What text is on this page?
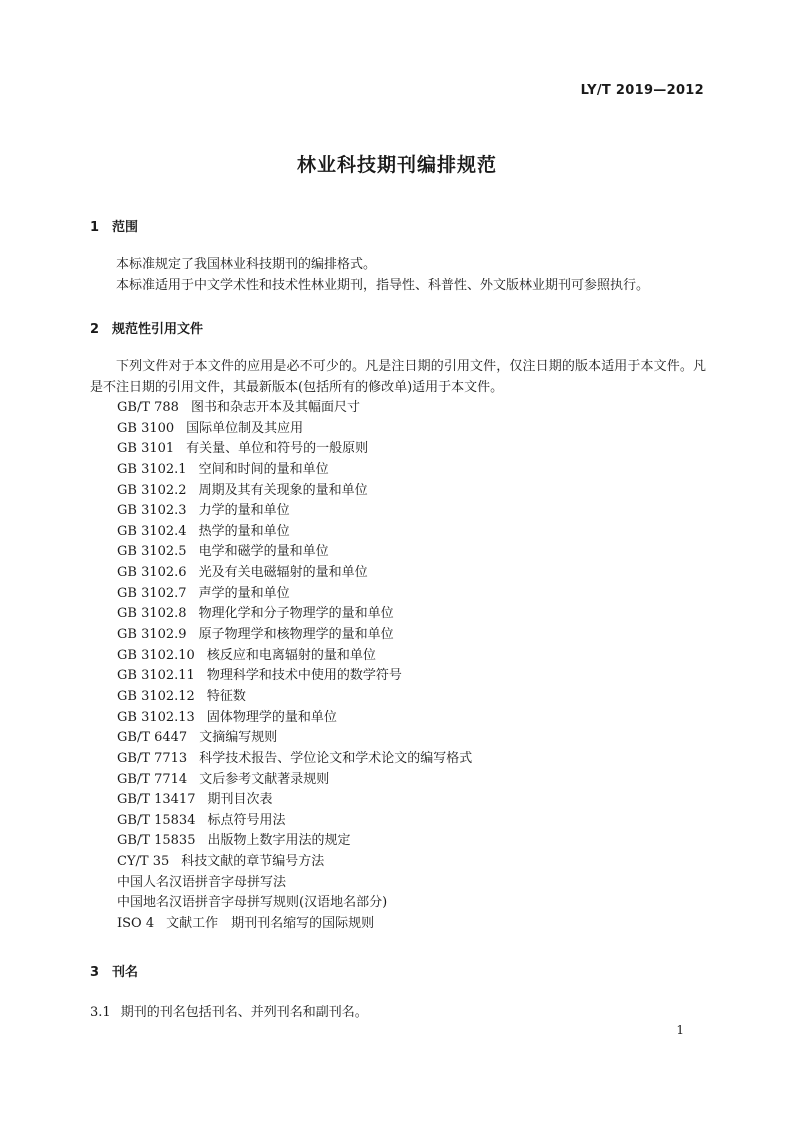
LY/T 2019—2012
林业科技期刊编排规范
1 范围
本标准规定了我国林业科技期刊的编排格式。
本标准适用于中文学术性和技术性林业期刊，指导性、科普性、外文版林业期刊可参照执行。
2 规范性引用文件
下列文件对于本文件的应用是必不可少的。凡是注日期的引用文件，仅注日期的版本适用于本文件。凡是不注日期的引用文件，其最新版本(包括所有的修改单)适用于本文件。
GB/T 788 图书和杂志开本及其幅面尺寸
GB 3100 国际单位制及其应用
GB 3101 有关量、单位和符号的一般原则
GB 3102.1 空间和时间的量和单位
GB 3102.2 周期及其有关现象的量和单位
GB 3102.3 力学的量和单位
GB 3102.4 热学的量和单位
GB 3102.5 电学和磁学的量和单位
GB 3102.6 光及有关电磁辐射的量和单位
GB 3102.7 声学的量和单位
GB 3102.8 物理化学和分子物理学的量和单位
GB 3102.9 原子物理学和核物理学的量和单位
GB 3102.10 核反应和电离辐射的量和单位
GB 3102.11 物理科学和技术中使用的数学符号
GB 3102.12 特征数
GB 3102.13 固体物理学的量和单位
GB/T 6447 文摘编写规则
GB/T 7713 科学技术报告、学位论文和学术论文的编写格式
GB/T 7714 文后参考文献著录规则
GB/T 13417 期刊目次表
GB/T 15834 标点符号用法
GB/T 15835 出版物上数字用法的规定
CY/T 35 科技文献的章节编号方法
中国人名汉语拼音字母拼写法
中国地名汉语拼音字母拼写规则(汉语地名部分)
ISO 4 文献工作　期刊刊名缩写的国际规则
3 刊名
3.1 期刊的刊名包括刊名、并列刊名和副刊名。
1
